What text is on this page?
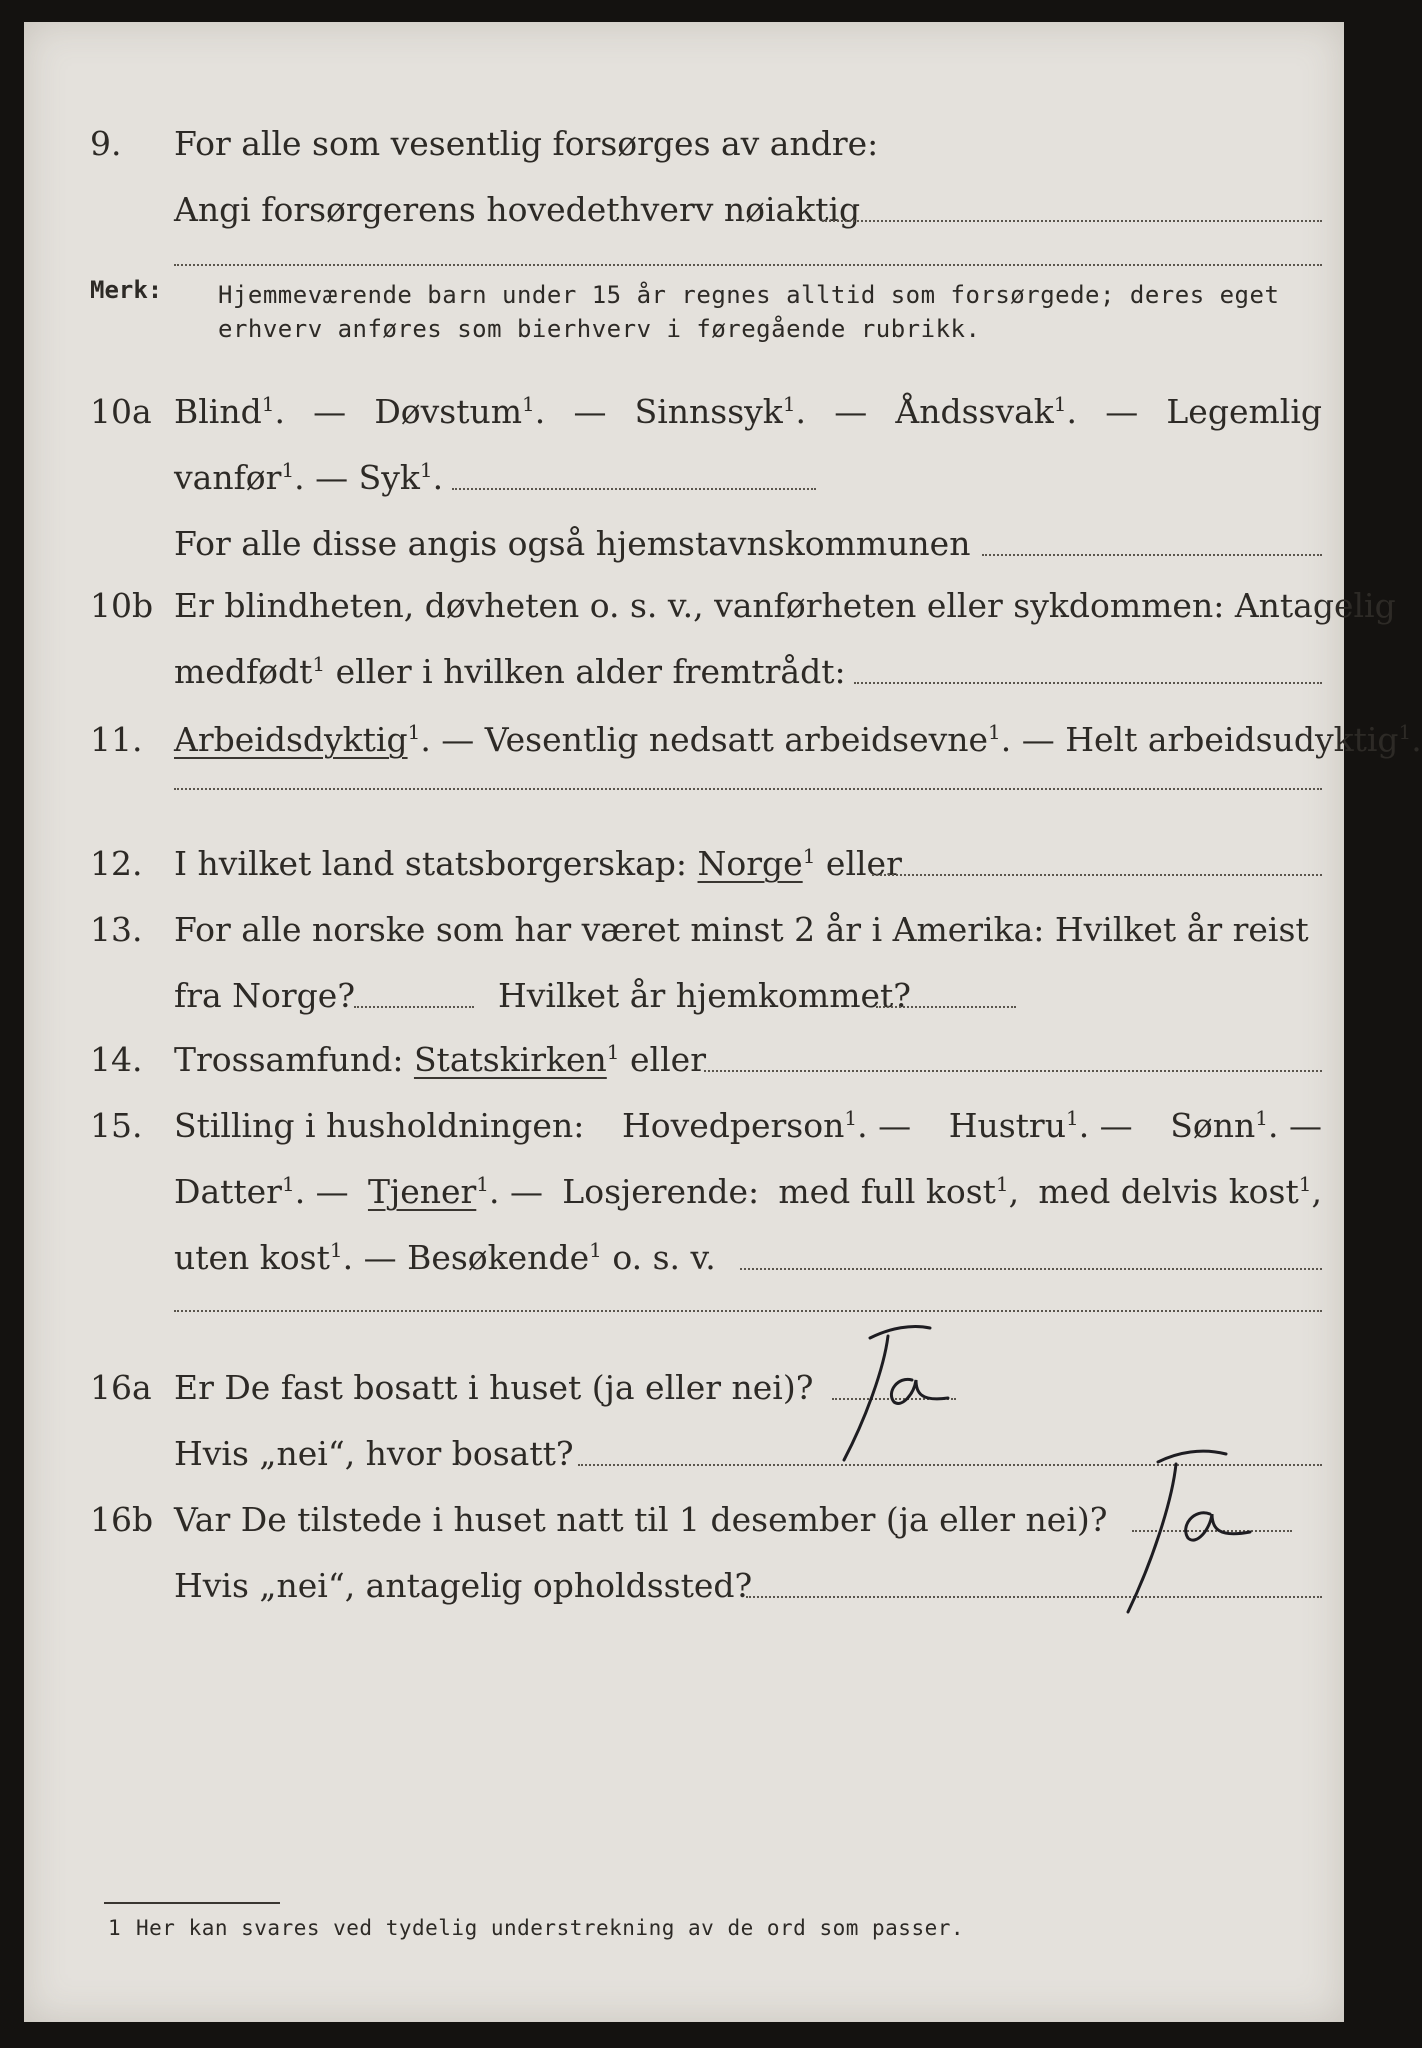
9. For alle som vesentlig forsørges av andre:
Angi forsørgerens hovedethverv nøiaktig
Merk: Hjemmeværende barn under 15 år regnes alltid som forsørgede; deres eget erhverv anføres som bierhverv i føregående rubrikk.
10a Blind$^1$. — Døvstum$^1$. — Sinnssyk$^1$. — Åndssvak$^1$. — Legemlig
vanfør$^1$. — Syk$^1$.
For alle disse angis også hjemstavnskommunen
10b Er blindheten, døvheten o. s. v., vanførheten eller sykdommen: Antagelig
medfødt$^1$ eller i hvilken alder fremtrådt:
11. Arbeidsdyktig$^1$. — Vesentlig nedsatt arbeidsevne$^1$. — Helt arbeidsudyktig$^1$.
12. I hvilket land statsborgerskap: Norge$^1$ eller
13. For alle norske som har været minst 2 år i Amerika: Hvilket år reist
fra Norge?	Hvilket år hjemkommet?
14. Trossamfund: Statskirken$^1$ eller
15. Stilling i husholdningen: Hovedperson$^1$. — Hustru$^1$. — Sønn$^1$. —
Datter$^1$. — Tjener$^1$. — Losjerende: med full kost$^1$, med delvis kost$^1$,
uten kost$^1$. — Besøkende$^1$ o. s. v.
16a Er De fast bosatt i huset (ja eller nei)?
Hvis „nei“, hvor bosatt?
16b Var De tilstede i huset natt til 1 desember (ja eller nei)?
Hvis „nei“, antagelig opholdssted?
1 Her kan svares ved tydelig understrekning av de ord som passer.
